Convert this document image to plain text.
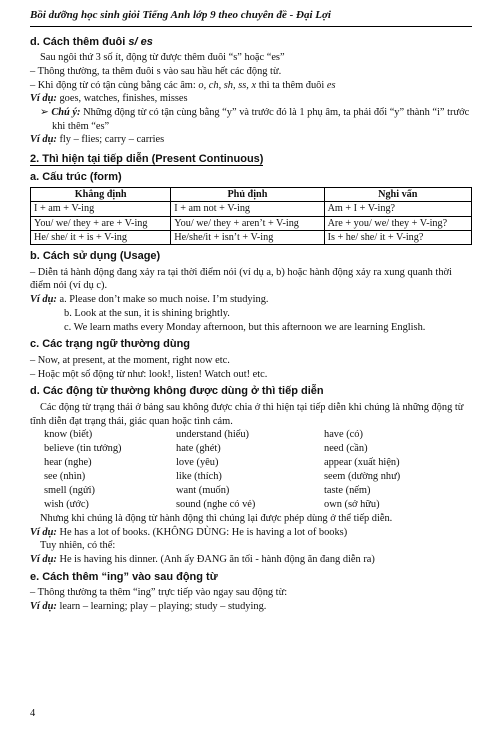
Bồi dưỡng học sinh giỏi Tiếng Anh lớp 9 theo chuyên đề - Đại Lợi
d. Cách thêm đuôi s/ es

Sau ngôi thứ 3 số ít, động từ được thêm đuôi “s” hoặc “es”

– Thông thường, ta thêm đuôi s vào sau hầu hết các động từ.

– Khi động từ có tận cùng bằng các âm: o, ch, sh, ss, x thì ta thêm đuôi es

Ví dụ: goes, watches, finishes, misses

➢ Chú ý: Những động từ có tận cùng bằng “y” và trước đó là 1 phụ âm, ta phải đổi “y” thành “i” trước khi thêm “es”

Ví dụ: fly – flies; carry – carries

2. Thì hiện tại tiếp diễn (Present Continuous)
a. Cấu trúc (form)
Khẳng định	Phủ định	Nghi vấn
I + am + V-ing	I + am not + V-ing	Am + I + V-ing?
You/ we/ they + are + V-ing	You/ we/ they + aren’t + V-ing	Are + you/ we/ they + V-ing?
He/ she/ it + is + V-ing	He/she/it + isn’t + V-ing	Is + he/ she/ it + V-ing?
b. Cách sử dụng (Usage)

– Diễn tả hành động đang xảy ra tại thời điểm nói (ví dụ a, b) hoặc hành động xảy ra xung quanh thời điểm nói (ví dụ c).

Ví dụ: a. Please don’t make so much noise. I’m studying.

b. Look at the sun, it is shining brightly.

c. We learn maths every Monday afternoon, but this afternoon we are learning English.

c. Các trạng ngữ thường dùng

– Now, at present, at the moment, right now etc.

– Hoặc một số động từ như: look!, listen! Watch out! etc.

d. Các động từ thường không được dùng ở thì tiếp diễn

Các động từ trạng thái ở bảng sau không được chia ở thì hiện tại tiếp diễn khi chúng là những động từ tĩnh diễn đạt trạng thái, giác quan hoặc tình cảm.

know (biết)	understand (hiểu)	have (có)
believe (tin tưởng)	hate (ghét)	need (cần)
hear (nghe)	love (yêu)	appear (xuất hiện)
see (nhìn)	like (thích)	seem (dường như)
smell (ngửi)	want (muốn)	taste (nếm)
wish (ước)	sound (nghe có vẻ)	own (sở hữu)

Nhưng khi chúng là động từ hành động thì chúng lại được phép dùng ở thể tiếp diễn.

Ví dụ: He has a lot of books. (KHÔNG DÙNG: He is having a lot of books)

Tuy nhiên, có thể:

Ví dụ: He is having his dinner. (Anh ấy ĐANG ăn tối - hành động ăn đang diễn ra)

e. Cách thêm “ing” vào sau động từ

– Thông thường ta thêm “ing” trực tiếp vào ngay sau động từ:

Ví dụ: learn – learning; play – playing; study – studying.

4
